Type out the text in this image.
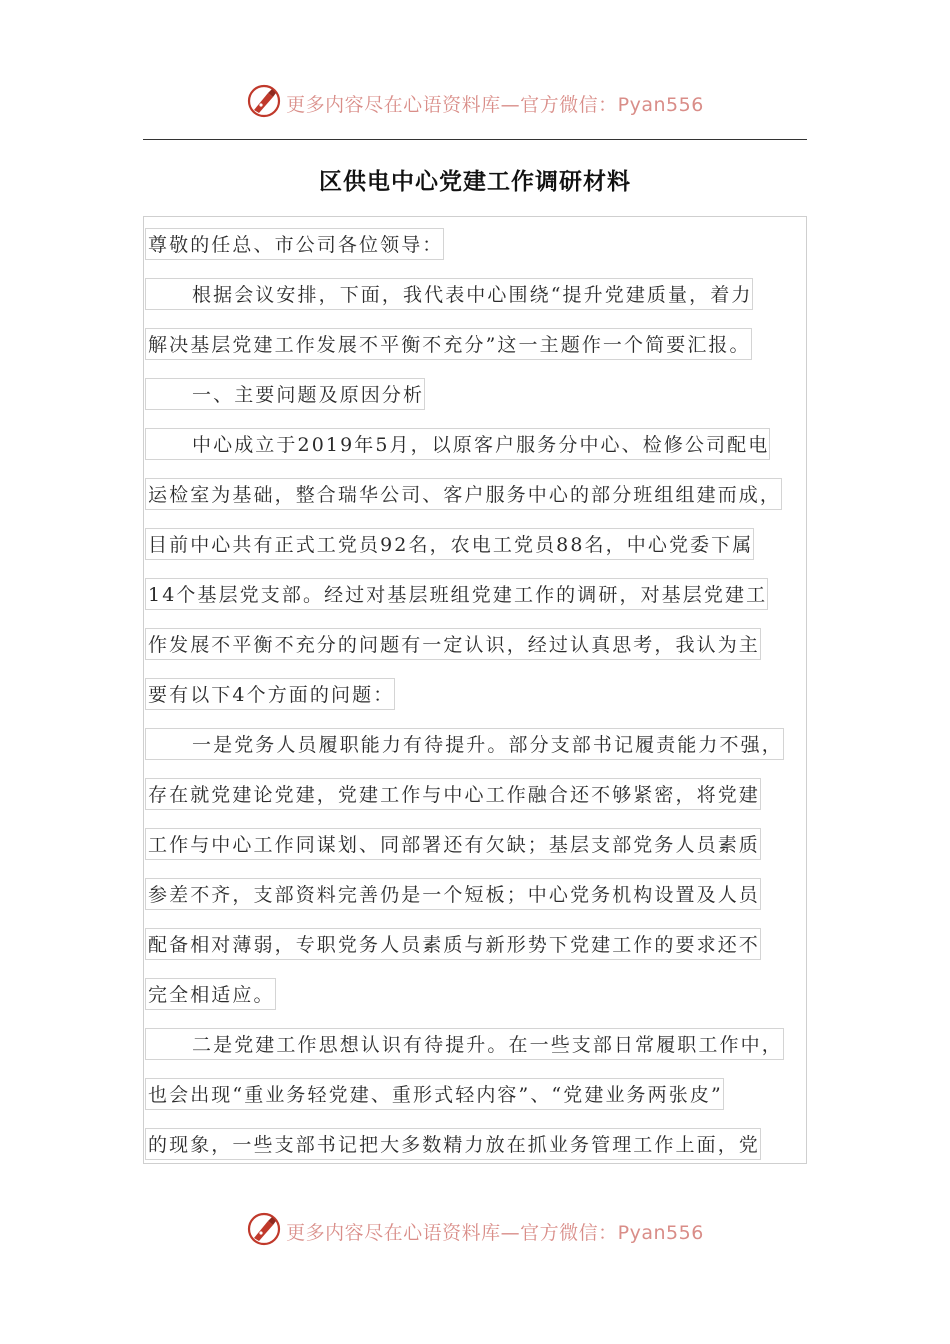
更多内容尽在心语资料库—官方微信：Pyan556
区供电中心党建工作调研材料
尊敬的任总、市公司各位领导：
根据会议安排，下面，我代表中心围绕“提升党建质量，着力
解决基层党建工作发展不平衡不充分”这一主题作一个简要汇报。
一、主要问题及原因分析
中心成立于2019年5月，以原客户服务分中心、检修公司配电
运检室为基础，整合瑞华公司、客户服务中心的部分班组组建而成，
目前中心共有正式工党员92名，农电工党员88名，中心党委下属
14个基层党支部。经过对基层班组党建工作的调研，对基层党建工
作发展不平衡不充分的问题有一定认识，经过认真思考，我认为主
要有以下4个方面的问题：
一是党务人员履职能力有待提升。部分支部书记履责能力不强，
存在就党建论党建，党建工作与中心工作融合还不够紧密，将党建
工作与中心工作同谋划、同部署还有欠缺；基层支部党务人员素质
参差不齐，支部资料完善仍是一个短板；中心党务机构设置及人员
配备相对薄弱，专职党务人员素质与新形势下党建工作的要求还不
完全相适应。
二是党建工作思想认识有待提升。在一些支部日常履职工作中，
也会出现“重业务轻党建、重形式轻内容”、“党建业务两张皮”
的现象，一些支部书记把大多数精力放在抓业务管理工作上面，党
更多内容尽在心语资料库—官方微信：Pyan556
